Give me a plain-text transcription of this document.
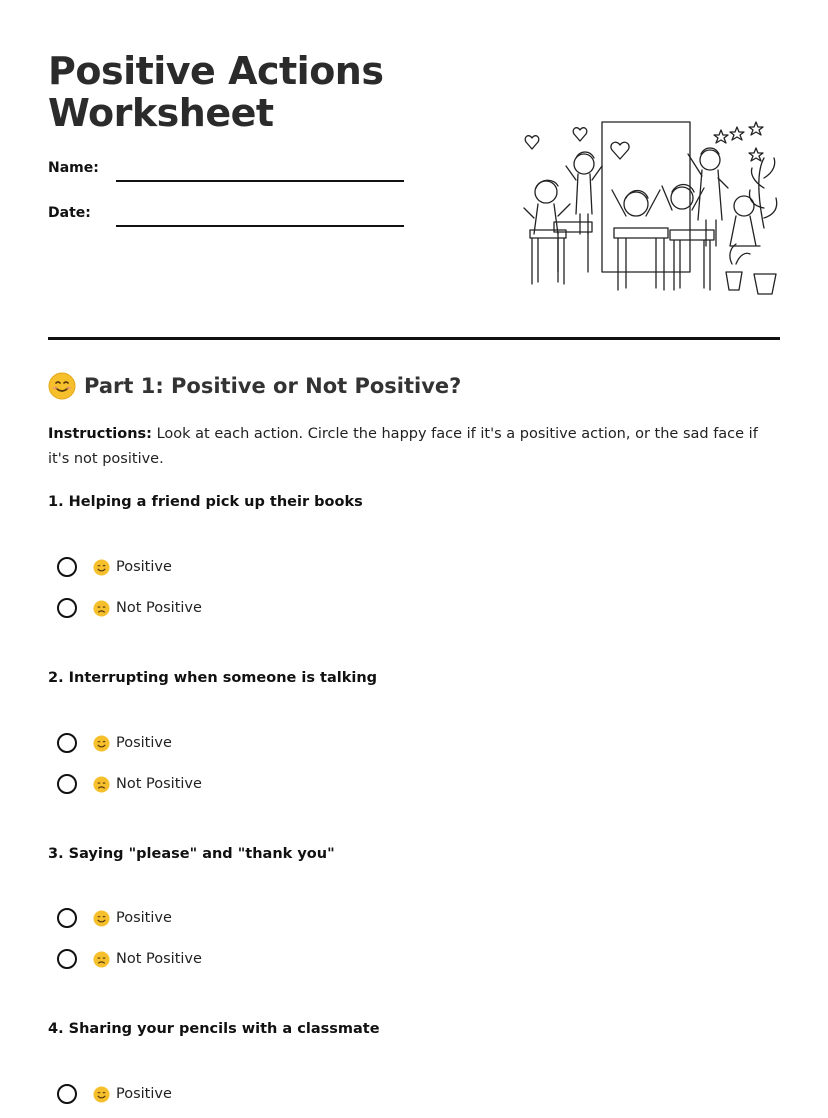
Positive Actions
Worksheet
Name:
Date:
Part 1: Positive or Not Positive?
Instructions: Look at each action. Circle the happy face if it's a positive action, or the sad face if it's not positive.
1. Helping a friend pick up their books
Positive
Not Positive
2. Interrupting when someone is talking
Positive
Not Positive
3. Saying "please" and "thank you"
Positive
Not Positive
4. Sharing your pencils with a classmate
Positive
